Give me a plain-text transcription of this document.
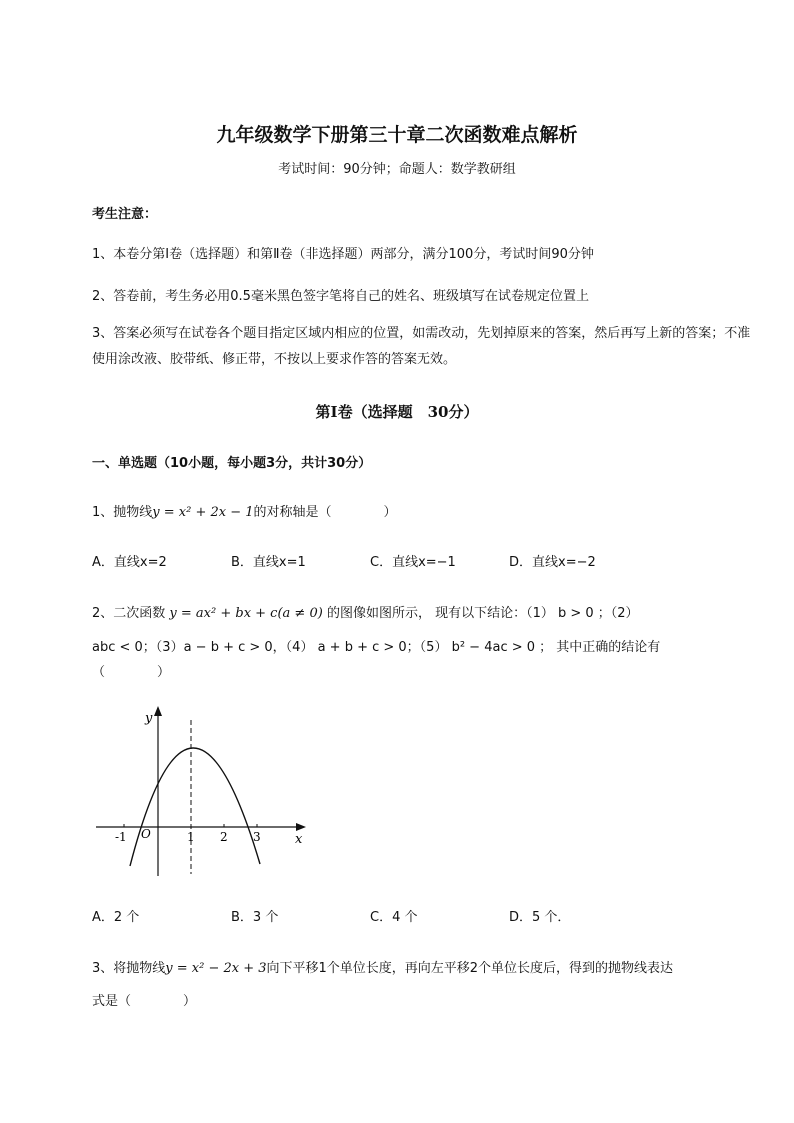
九年级数学下册第三十章二次函数难点解析
考试时间：90分钟；命题人：数学教研组
考生注意：
1、本卷分第I卷（选择题）和第Ⅱ卷（非选择题）两部分，满分100分，考试时间90分钟
2、答卷前，考生务必用0.5毫米黑色签字笔将自己的姓名、班级填写在试卷规定位置上
3、答案必须写在试卷各个题目指定区域内相应的位置，如需改动，先划掉原来的答案，然后再写上新的答案；不准使用涂改液、胶带纸、修正带，不按以上要求作答的答案无效。
第I卷（选择题　30分）
一、单选题（10小题，每小题3分，共计30分）
1、抛物线y = x² + 2x − 1的对称轴是（　　　　）
A．直线x=2	B．直线x=1	C．直线x=−1	D．直线x=−2
2、二次函数 y = ax² + bx + c(a ≠ 0) 的图像如图所示， 现有以下结论：（1） b > 0 ；（2）
abc < 0；（3）a − b + c > 0，（4） a + b + c > 0；（5） b² − 4ac > 0 ； 其中正确的结论有
（　　　　）
y
x
O
-1	1 2 3
A．2 个	B．3 个	C．4 个	D．5 个．
3、将抛物线y = x² − 2x + 3向下平移1个单位长度，再向左平移2个单位长度后，得到的抛物线表达
式是（　　　　）
